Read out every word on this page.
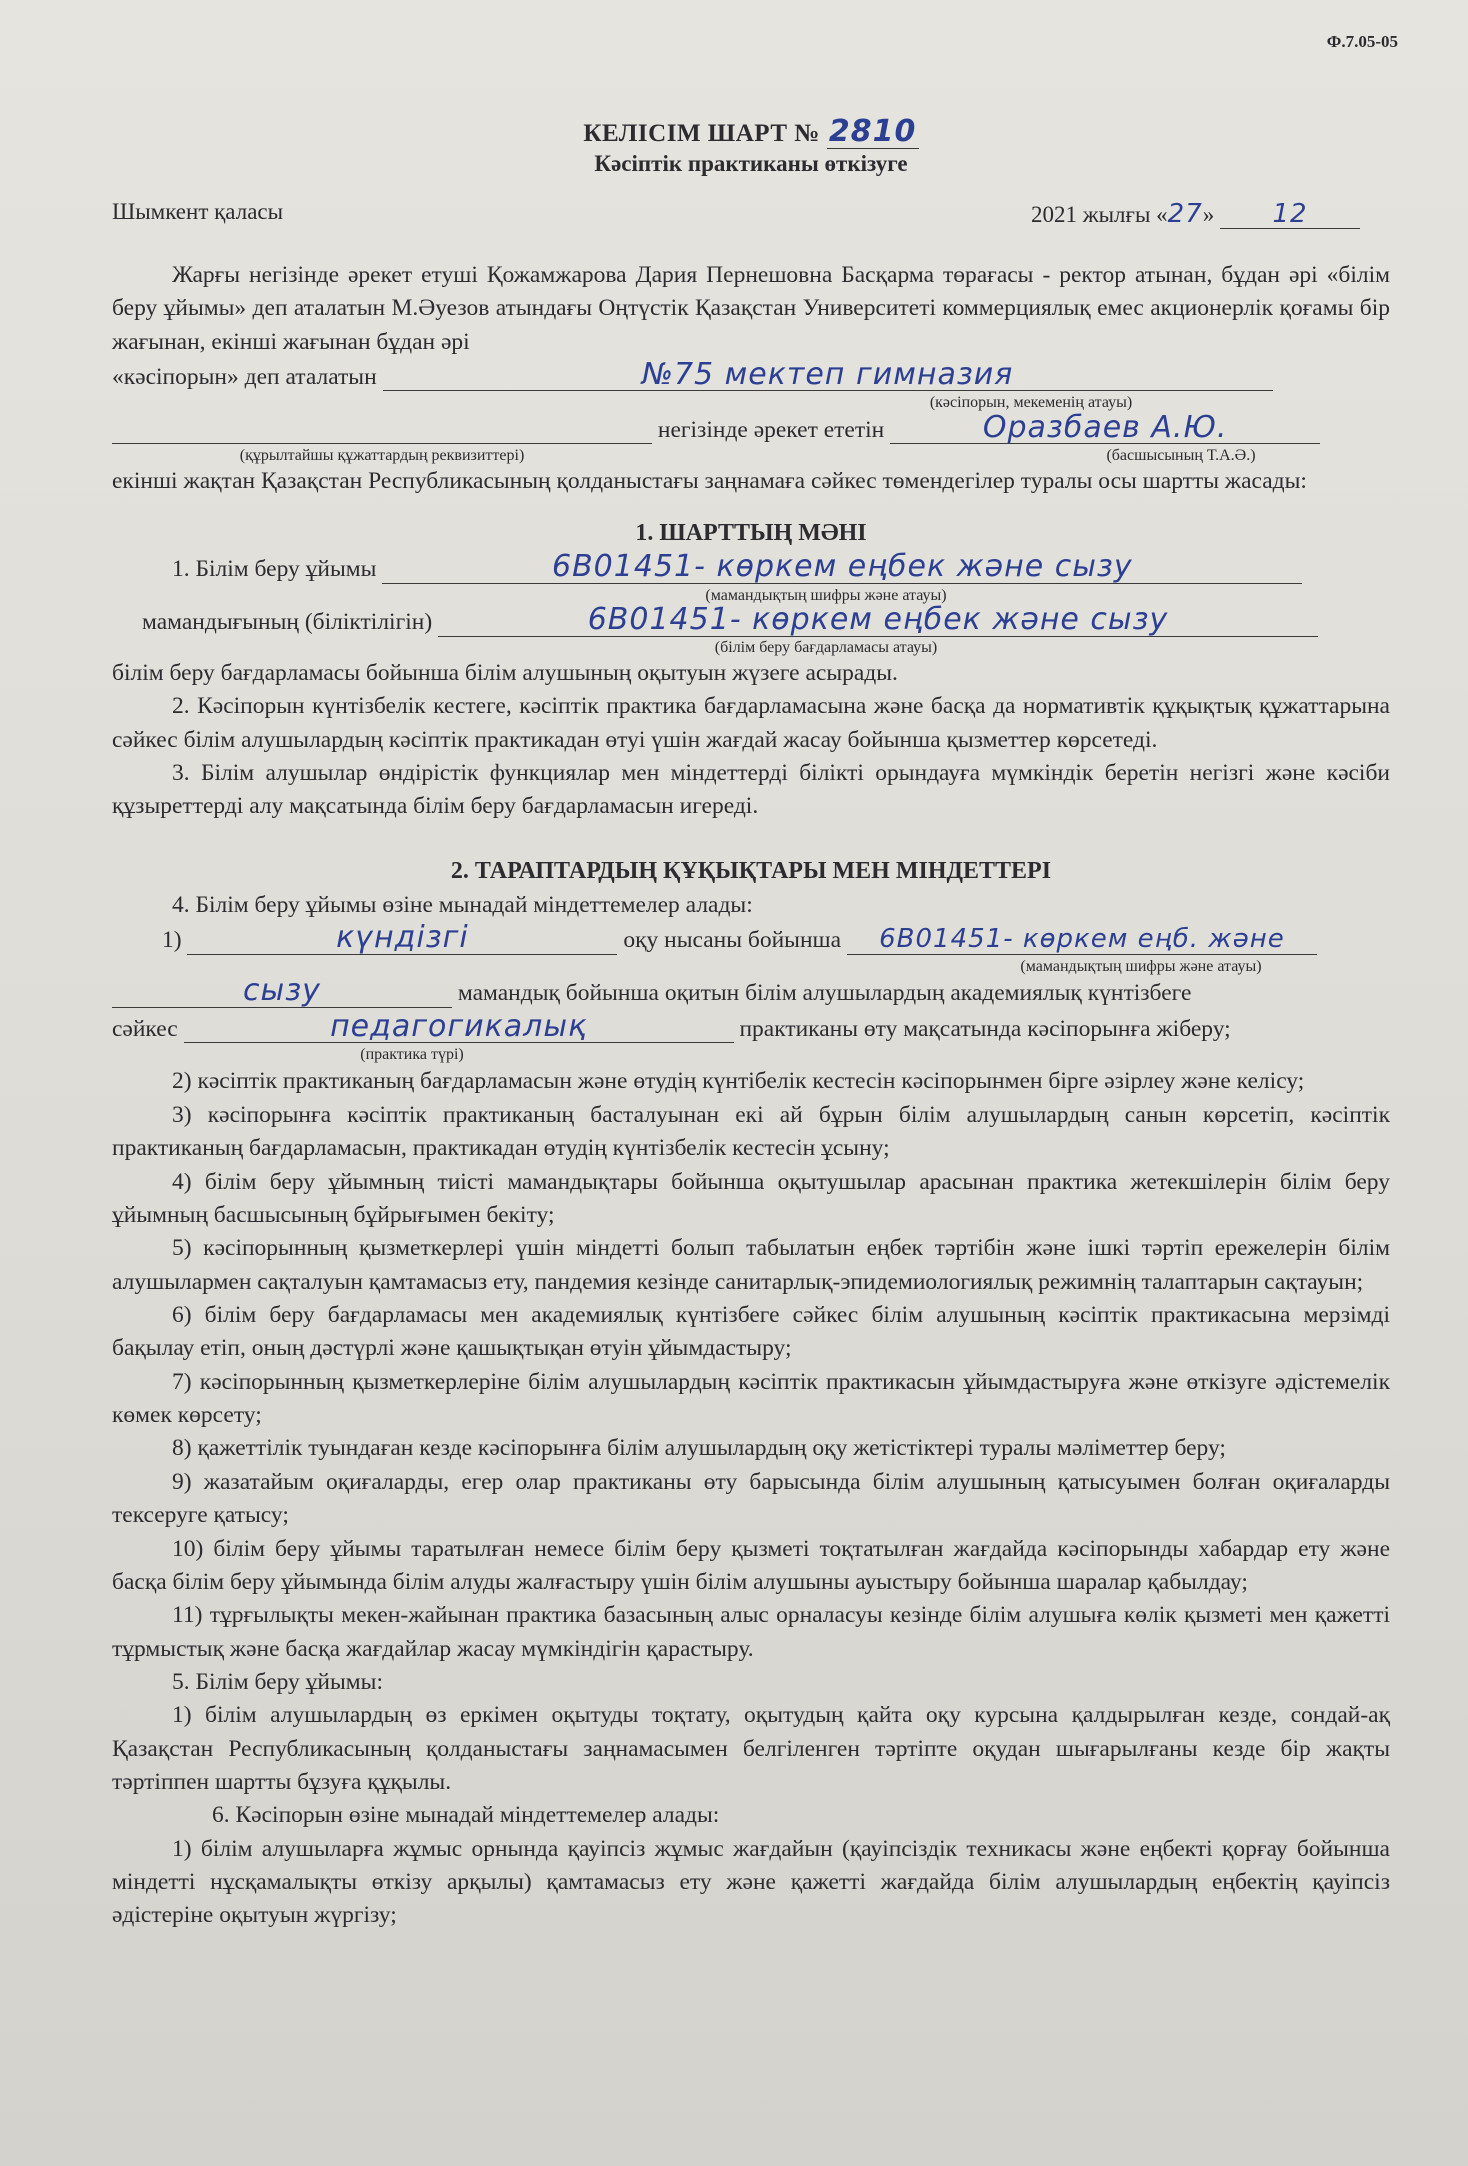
Ф.7.05-05
КЕЛІСІМ ШАРТ № 2810
Кәсіптік практиканы өткізуге
Шымкент қаласы	2021 жылғы «27» 12

Жарғы негізінде әрекет етуші Қожамжарова Дария Пернешовна Басқарма төрағасы - ректор атынан, бұдан әрі «білім беру ұйымы» деп аталатын М.Әуезов атындағы Оңтүстік Қазақстан Университеті коммерциялық емес акционерлік қоғамы бір жағынан, екінші жағынан бұдан әрі

«кәсіпорын» деп аталатын	№75 мектеп гимназия
(кәсіпорын, мекеменің атауы)
негізінде әрекет ететін	Оразбаев А.Ю.
(құрылтайшы құжаттардың реквизиттері)	(басшысының Т.А.Ә.)

екінші жақтан Қазақстан Республикасының қолданыстағы заңнамаға сәйкес төмендегілер туралы осы шартты жасады:

1. ШАРТТЫҢ МӘНІ
1. Білім беру ұйымы	6B01451- көркем еңбек және сызу
(мамандықтың шифры және атауы)
мамандығының (біліктілігін)	6B01451- көркем еңбек және сызу
(білім беру бағдарламасы атауы)

білім беру бағдарламасы бойынша білім алушының оқытуын жүзеге асырады.

2. Кәсіпорын күнтізбелік кестеге, кәсіптік практика бағдарламасына және басқа да нормативтік құқықтық құжаттарына сәйкес білім алушылардың кәсіптік практикадан өтуі үшін жағдай жасау бойынша қызметтер көрсетеді.

3. Білім алушылар өндірістік функциялар мен міндеттерді білікті орындауға мүмкіндік беретін негізгі және кәсіби құзыреттерді алу мақсатында білім беру бағдарламасын игереді.

2. ТАРАПТАРДЫҢ ҚҰҚЫҚТАРЫ МЕН МІНДЕТТЕРІ

4. Білім беру ұйымы өзіне мынадай міндеттемелер алады:

1)	күндізгі	оқу нысаны бойынша 6B01451- көркем еңб. және
(мамандықтың шифры және атауы)
сызу	мамандық бойынша оқитын білім алушылардың академиялық күнтізбеге
сәйкес	педагогикалық	практиканы өту мақсатында кәсіпорынға жіберу;
(практика түрі)

2) кәсіптік практиканың бағдарламасын және өтудің күнтібелік кестесін кәсіпорынмен бірге әзірлеу және келісу;

3) кәсіпорынға кәсіптік практиканың басталуынан екі ай бұрын білім алушылардың санын көрсетіп, кәсіптік практиканың бағдарламасын, практикадан өтудің күнтізбелік кестесін ұсыну;

4) білім беру ұйымның тиісті мамандықтары бойынша оқытушылар арасынан практика жетекшілерін білім беру ұйымның басшысының бұйрығымен бекіту;

5) кәсіпорынның қызметкерлері үшін міндетті болып табылатын еңбек тәртібін және ішкі тәртіп ережелерін білім алушылармен сақталуын қамтамасыз ету, пандемия кезінде санитарлық-эпидемиологиялық режимнің талаптарын сақтауын;

6) білім беру бағдарламасы мен академиялық күнтізбеге сәйкес білім алушының кәсіптік практикасына мерзімді бақылау етіп, оның дәстүрлі және қашықтықан өтуін ұйымдастыру;

7) кәсіпорынның қызметкерлеріне білім алушылардың кәсіптік практикасын ұйымдастыруға және өткізуге әдістемелік көмек көрсету;

8) қажеттілік туындаған кезде кәсіпорынға білім алушылардың оқу жетістіктері туралы мәліметтер беру;

9) жазатайым оқиғаларды, егер олар практиканы өту барысында білім алушының қатысуымен болған оқиғаларды тексеруге қатысу;

10) білім беру ұйымы таратылған немесе білім беру қызметі тоқтатылған жағдайда кәсіпорынды хабардар ету және басқа білім беру ұйымында білім алуды жалғастыру үшін білім алушыны ауыстыру бойынша шаралар қабылдау;

11) тұрғылықты мекен-жайынан практика базасының алыс орналасуы кезінде білім алушыға көлік қызметі мен қажетті тұрмыстық және басқа жағдайлар жасау мүмкіндігін қарастыру.

5. Білім беру ұйымы:

1) білім алушылардың өз еркімен оқытуды тоқтату, оқытудың қайта оқу курсына қалдырылған кезде, сондай-ақ Қазақстан Республикасының қолданыстағы заңнамасымен белгіленген тәртіпте оқудан шығарылғаны кезде бір жақты тәртіппен шартты бұзуға құқылы.

6. Кәсіпорын өзіне мынадай міндеттемелер алады:

1) білім алушыларға жұмыс орнында қауіпсіз жұмыс жағдайын (қауіпсіздік техникасы және еңбекті қорғау бойынша міндетті нұсқамалықты өткізу арқылы) қамтамасыз ету және қажетті жағдайда білім алушылардың еңбектің қауіпсіз әдістеріне оқытуын жүргізу;
